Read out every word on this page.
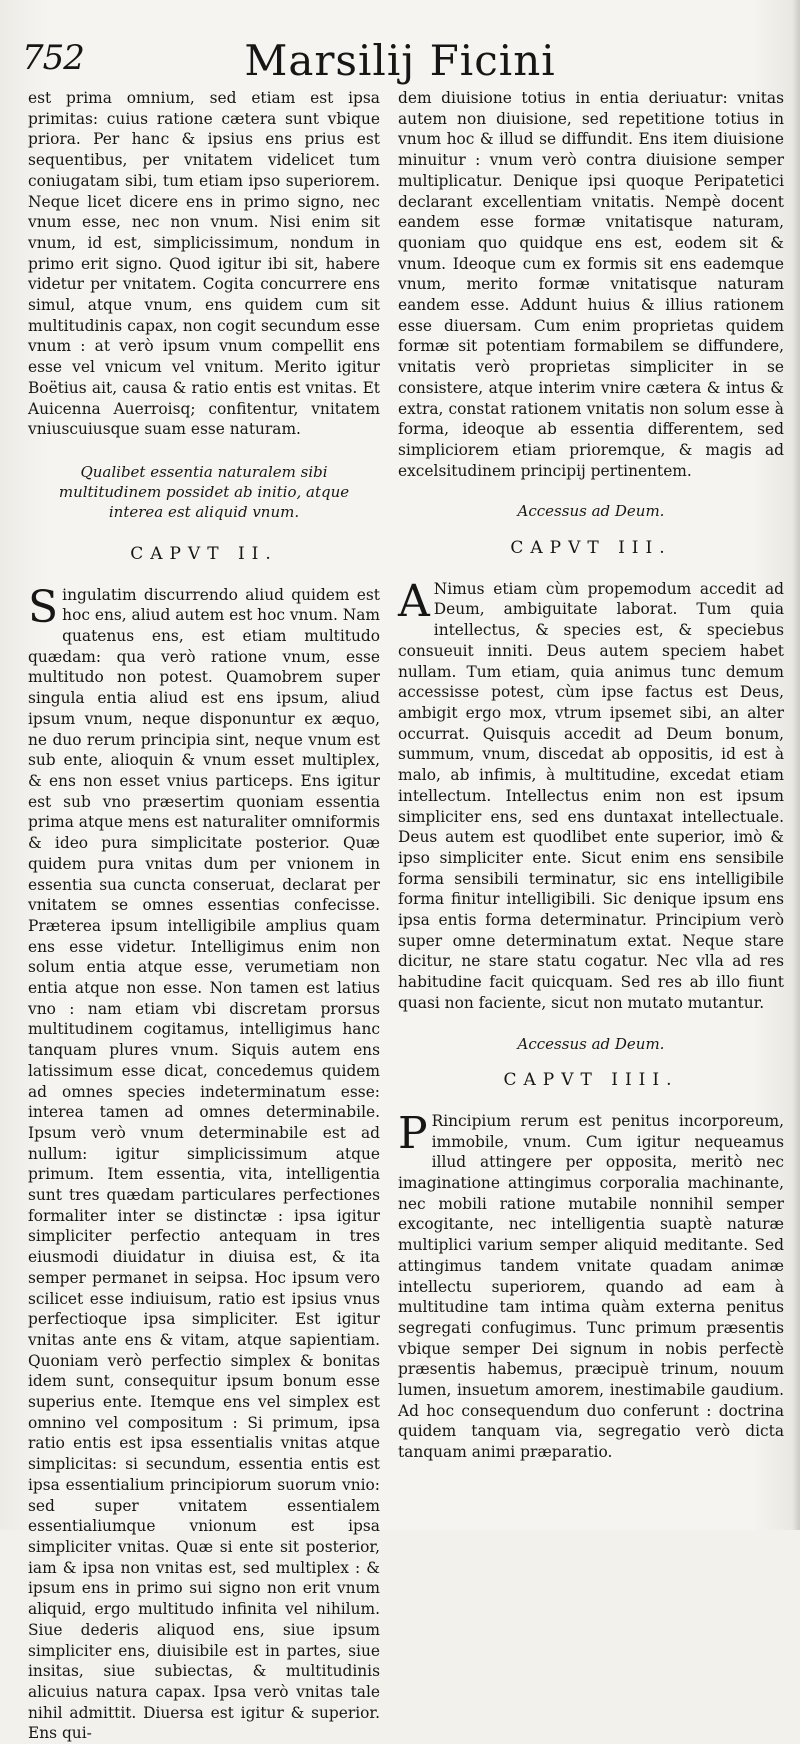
752	Marsilij Ficini

est prima omnium, sed etiam est ipsa primitas: cuius ratione cætera sunt vbique priora. Per hanc & ipsius ens prius est sequentibus, per vnitatem videlicet tum coniugatam sibi, tum etiam ipso superiorem. Neque licet dicere ens in primo signo, nec vnum esse, nec non vnum. Nisi enim sit vnum, id est, simplicissimum, nondum in primo erit signo. Quod igitur ibi sit, habere videtur per vnitatem. Cogita concurrere ens simul, atque vnum, ens quidem cum sit multitudinis capax, non cogit secundum esse vnum : at verò ipsum vnum compellit ens esse vel vnicum vel vnitum. Merito igitur Boëtius ait, causa & ratio entis est vnitas. Et Auicenna Auerroisq; confitentur, vnitatem vniuscuiusque suam esse naturam.

Qualibet essentia naturalem sibi multitudinem possidet ab initio, atque interea est aliquid vnum.

CAPVT II.

Singulatim discurrendo aliud quidem est hoc ens, aliud autem est hoc vnum. Nam quatenus ens, est etiam multitudo quædam: qua verò ratione vnum, esse multitudo non potest. Quamobrem super singula entia aliud est ens ipsum, aliud ipsum vnum, neque disponuntur ex æquo, ne duo rerum principia sint, neque vnum est sub ente, alioquin & vnum esset multiplex, & ens non esset vnius particeps. Ens igitur est sub vno præsertim quoniam essentia prima atque mens est naturaliter omniformis & ideo pura simplicitate posterior. Quæ quidem pura vnitas dum per vnionem in essentia sua cuncta conseruat, declarat per vnitatem se omnes essentias confecisse. Præterea ipsum intelligibile amplius quam ens esse videtur. Intelligimus enim non solum entia atque esse, verumetiam non entia atque non esse. Non tamen est latius vno : nam etiam vbi discretam prorsus multitudinem cogitamus, intelligimus hanc tanquam plures vnum. Siquis autem ens latissimum esse dicat, concedemus quidem ad omnes species indeterminatum esse: interea tamen ad omnes determinabile. Ipsum verò vnum determinabile est ad nullum: igitur simplicissimum atque primum. Item essentia, vita, intelligentia sunt tres quædam particulares perfectiones formaliter inter se distinctæ : ipsa igitur simpliciter perfectio antequam in tres eiusmodi diuidatur in diuisa est, & ita semper permanet in seipsa. Hoc ipsum vero scilicet esse indiuisum, ratio est ipsius vnus perfectioque ipsa simpliciter. Est igitur vnitas ante ens & vitam, atque sapientiam. Quoniam verò perfectio simplex & bonitas idem sunt, consequitur ipsum bonum esse superius ente. Itemque ens vel simplex est omnino vel compositum : Si primum, ipsa ratio entis est ipsa essentialis vnitas atque simplicitas: si secundum, essentia entis est ipsa essentialium principiorum suorum vnio: sed super vnitatem essentialem essentialiumque vnionum est ipsa simpliciter vnitas. Quæ si ente sit posterior, iam & ipsa non vnitas est, sed multiplex : & ipsum ens in primo sui signo non erit vnum aliquid, ergo multitudo infinita vel nihilum. Siue dederis aliquod ens, siue ipsum simpliciter ens, diuisibile est in partes, siue insitas, siue subiectas, & multitudinis alicuius natura capax. Ipsa verò vnitas tale nihil admittit. Diuersa est igitur & superior. Ens qui-

dem diuisione totius in entia deriuatur: vnitas autem non diuisione, sed repetitione totius in vnum hoc & illud se diffundit. Ens item diuisione minuitur : vnum verò contra diuisione semper multiplicatur. Denique ipsi quoque Peripatetici declarant excellentiam vnitatis. Nempè docent eandem esse formæ vnitatisque naturam, quoniam quo quidque ens est, eodem sit & vnum. Ideoque cum ex formis sit ens eademque vnum, merito formæ vnitatisque naturam eandem esse. Addunt huius & illius rationem esse diuersam. Cum enim proprietas quidem formæ sit potentiam formabilem se diffundere, vnitatis verò proprietas simpliciter in se consistere, atque interim vnire cætera & intus & extra, constat rationem vnitatis non solum esse à forma, ideoque ab essentia differentem, sed simpliciorem etiam prioremque, & magis ad excelsitudinem principij pertinentem.

Accessus ad Deum.

CAPVT III.

A Nimus etiam cùm propemodum accedit ad Deum, ambiguitate laborat. Tum quia intellectus, & species est, & speciebus consueuit inniti. Deus autem speciem habet nullam. Tum etiam, quia animus tunc demum accessisse potest, cùm ipse factus est Deus, ambigit ergo mox, vtrum ipsemet sibi, an alter occurrat. Quisquis accedit ad Deum bonum, summum, vnum, discedat ab oppositis, id est à malo, ab infimis, à multitudine, excedat etiam intellectum. Intellectus enim non est ipsum simpliciter ens, sed ens duntaxat intellectuale. Deus autem est quodlibet ente superior, imò & ipso simpliciter ente. Sicut enim ens sensibile forma sensibili terminatur, sic ens intelligibile forma finitur intelligibili. Sic denique ipsum ens ipsa entis forma determinatur. Principium verò super omne determinatum extat. Neque stare dicitur, ne stare statu cogatur. Nec vlla ad res habitudine facit quicquam. Sed res ab illo fiunt quasi non faciente, sicut non mutato mutantur.

Accessus ad Deum.

CAPVT IIII.

P Rincipium rerum est penitus incorporeum, immobile, vnum. Cum igitur nequeamus illud attingere per opposita, meritò nec imaginatione attingimus corporalia machinante, nec mobili ratione mutabile nonnihil semper excogitante, nec intelligentia suaptè naturæ multiplici varium semper aliquid meditante. Sed attingimus tandem vnitate quadam animæ intellectu superiorem, quando ad eam à multitudine tam intima quàm externa penitus segregati confugimus. Tunc primum præsentis vbique semper Dei signum in nobis perfectè præsentis habemus, præcipuè trinum, nouum lumen, insuetum amorem, inestimabile gaudium. Ad hoc consequendum duo conferunt : doctrina quidem tanquam via, segregatio verò dicta tanquam animi præparatio.
